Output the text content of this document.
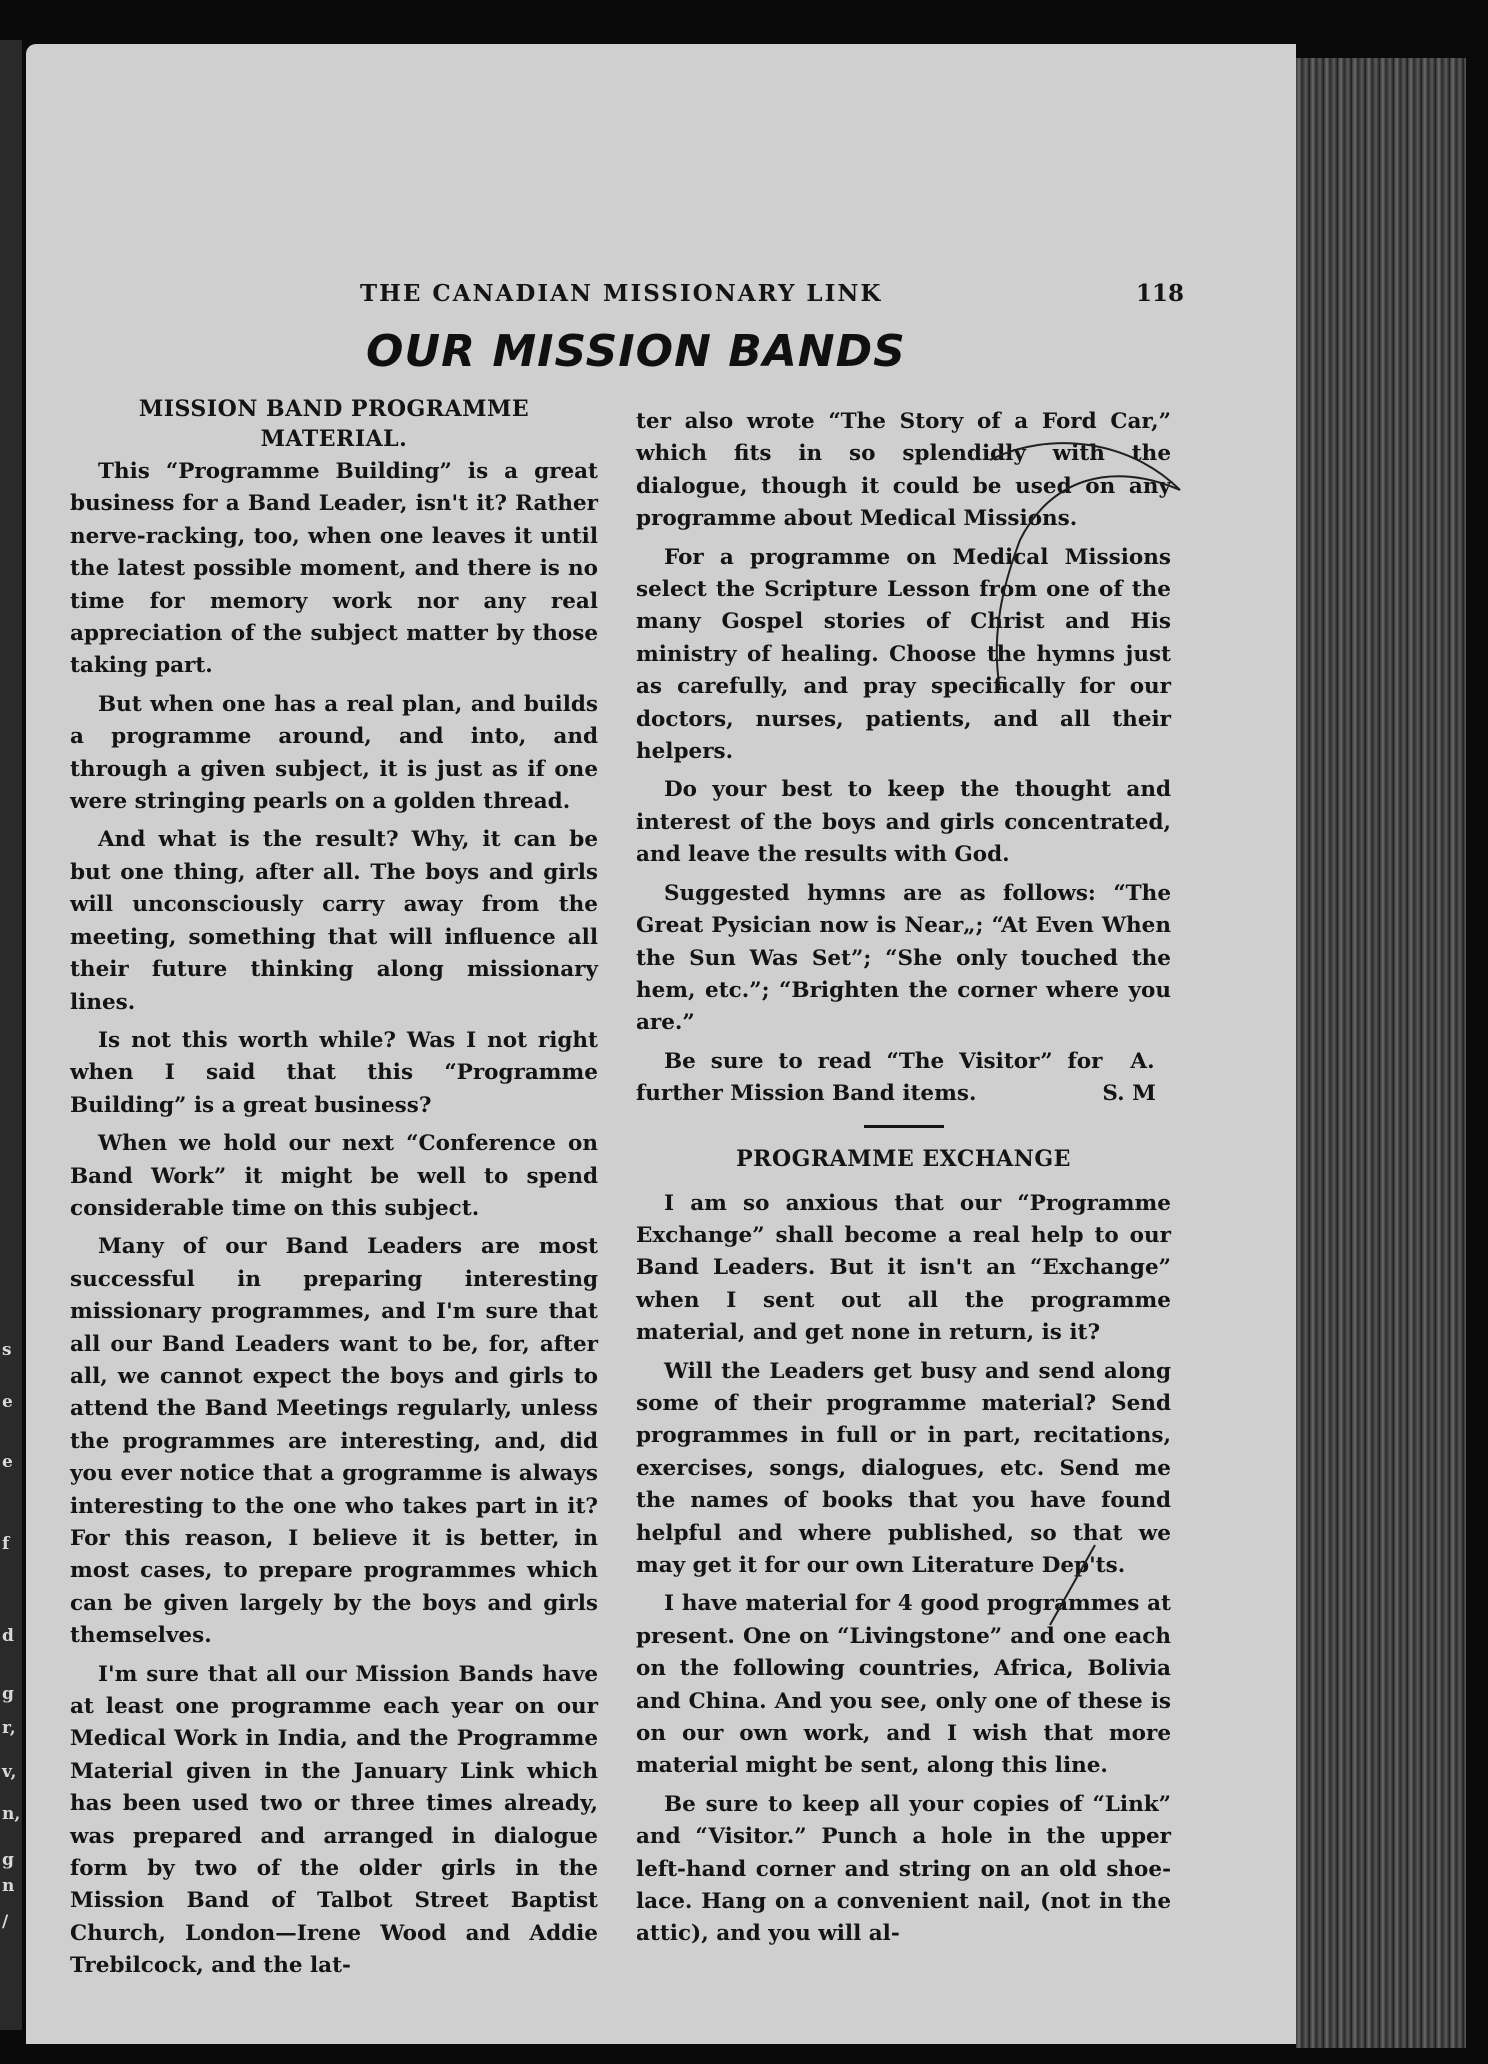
s
e
e
f
d
g
r,
v,
n,
g
n
/
THE CANADIAN MISSIONARY LINK	118
OUR MISSION BANDS
MISSION BAND PROGRAMME MATERIAL.

This “Programme Building” is a great business for a Band Leader, isn't it? Rather nerve-racking, too, when one leaves it until the latest possible moment, and there is no time for memory work nor any real appreciation of the subject matter by those taking part.

But when one has a real plan, and builds a programme around, and into, and through a given subject, it is just as if one were stringing pearls on a golden thread.

And what is the result? Why, it can be but one thing, after all. The boys and girls will unconsciously carry away from the meeting, something that will influence all their future thinking along missionary lines.

Is not this worth while? Was I not right when I said that this “Programme Building” is a great business?

When we hold our next “Conference on Band Work” it might be well to spend considerable time on this subject.

Many of our Band Leaders are most successful in preparing interesting missionary programmes, and I'm sure that all our Band Leaders want to be, for, after all, we cannot expect the boys and girls to attend the Band Meetings regularly, unless the programmes are interesting, and, did you ever notice that a grogramme is always interesting to the one who takes part in it? For this reason, I believe it is better, in most cases, to prepare programmes which can be given largely by the boys and girls themselves.

I'm sure that all our Mission Bands have at least one programme each year on our Medical Work in India, and the Programme Material given in the January Link which has been used two or three times already, was prepared and arranged in dialogue form by two of the older girls in the Mission Band of Talbot Street Baptist Church, London—Irene Wood and Addie Trebilcock, and the lat-

ter also wrote “The Story of a Ford Car,” which fits in so splendidly with the dialogue, though it could be used on any programme about Medical Missions.

For a programme on Medical Missions select the Scripture Lesson from one of the many Gospel stories of Christ and His ministry of healing. Choose the hymns just as carefully, and pray specifically for our doctors, nurses, patients, and all their helpers.

Do your best to keep the thought and interest of the boys and girls concentrated, and leave the results with God.

Suggested hymns are as follows: “The Great Pysician now is Near„; “At Even When the Sun Was Set”; “She only touched the hem, etc.”; “Brighten the corner where you are.”

Be sure to read “The Visitor” for further Mission Band items.
A. S. M

PROGRAMME EXCHANGE

I am so anxious that our “Programme Exchange” shall become a real help to our Band Leaders. But it isn't an “Exchange” when I sent out all the programme material, and get none in return, is it?

Will the Leaders get busy and send along some of their programme material? Send programmes in full or in part, recitations, exercises, songs, dialogues, etc. Send me the names of books that you have found helpful and where published, so that we may get it for our own Literature Dep'ts.

I have material for 4 good programmes at present. One on “Livingstone” and one each on the following countries, Africa, Bolivia and China. And you see, only one of these is on our own work, and I wish that more material might be sent, along this line.

Be sure to keep all your copies of “Link” and “Visitor.” Punch a hole in the upper left-hand corner and string on an old shoe-lace. Hang on a convenient nail, (not in the attic), and you will al-
